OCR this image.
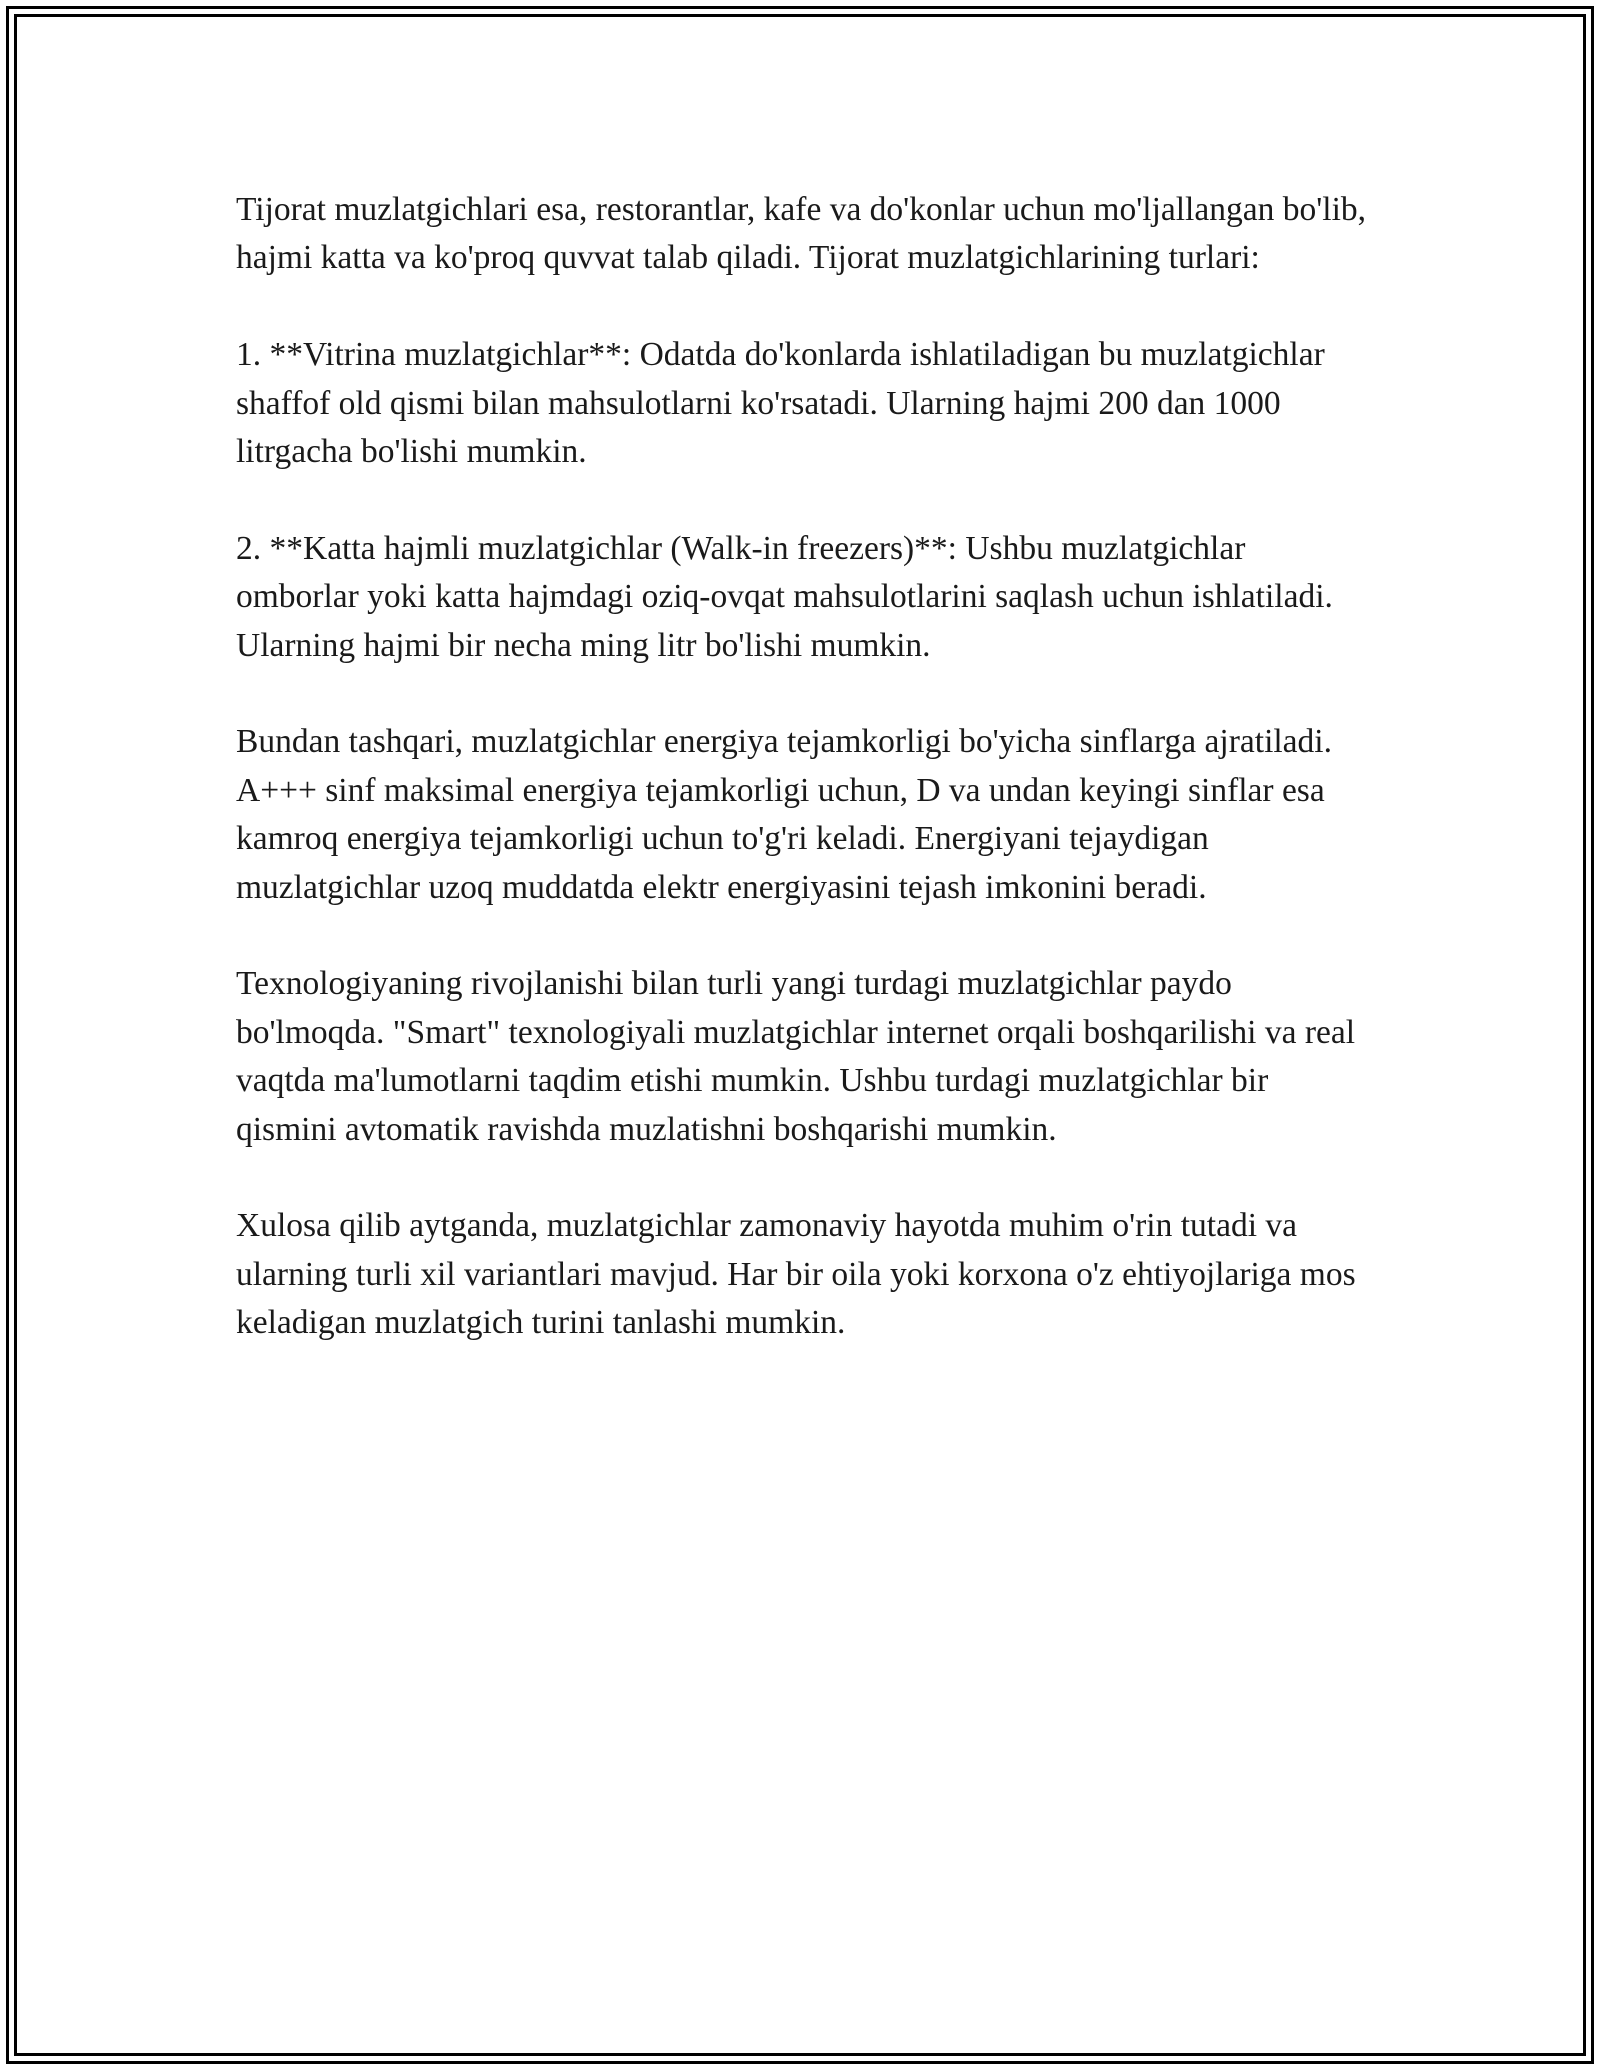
Tijorat muzlatgichlari esa, restorantlar, kafe va do'konlar uchun mo'ljallangan bo'lib, hajmi katta va ko'proq quvvat talab qiladi. Tijorat muzlatgichlarining turlari:

1. **Vitrina muzlatgichlar**: Odatda do'konlarda ishlatiladigan bu muzlatgichlar shaffof old qismi bilan mahsulotlarni ko'rsatadi. Ularning hajmi 200 dan 1000 litrgacha bo'lishi mumkin.

2. **Katta hajmli muzlatgichlar (Walk-in freezers)**: Ushbu muzlatgichlar omborlar yoki katta hajmdagi oziq-ovqat mahsulotlarini saqlash uchun ishlatiladi. Ularning hajmi bir necha ming litr bo'lishi mumkin.

Bundan tashqari, muzlatgichlar energiya tejamkorligi bo'yicha sinflarga ajratiladi. A+++ sinf maksimal energiya tejamkorligi uchun, D va undan keyingi sinflar esa kamroq energiya tejamkorligi uchun to'g'ri keladi. Energiyani tejaydigan muzlatgichlar uzoq muddatda elektr energiyasini tejash imkonini beradi.

Texnologiyaning rivojlanishi bilan turli yangi turdagi muzlatgichlar paydo bo'lmoqda. "Smart" texnologiyali muzlatgichlar internet orqali boshqarilishi va real vaqtda ma'lumotlarni taqdim etishi mumkin. Ushbu turdagi muzlatgichlar bir qismini avtomatik ravishda muzlatishni boshqarishi mumkin.

Xulosa qilib aytganda, muzlatgichlar zamonaviy hayotda muhim o'rin tutadi va ularning turli xil variantlari mavjud. Har bir oila yoki korxona o'z ehtiyojlariga mos keladigan muzlatgich turini tanlashi mumkin.
